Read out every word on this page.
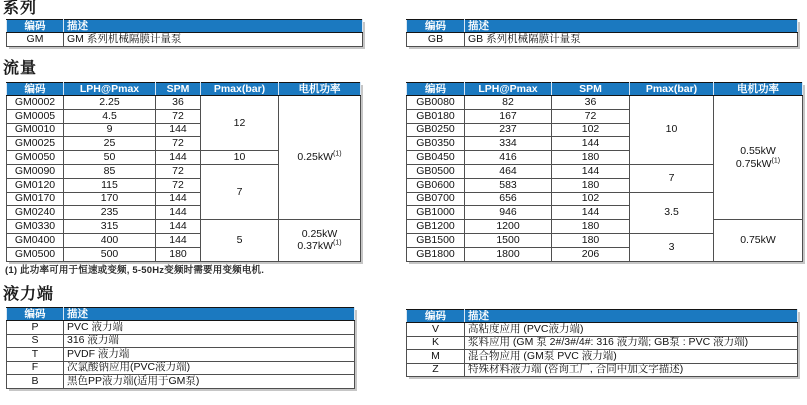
系列
编码	描述
GM	GM 系列机械隔膜计量泵
编码	描述
GB	GB 系列机械隔膜计量泵
流量
编码	LPH@Pmax	SPM	Pmax(bar)	电机功率
GM0002	2.25	36	12	$0.25kW^{(1)}$
GM0005	4.5	72		
GM0010	9	144		
GM0025	25	72		
GM0050	50	144	10	
GM0090	85	72	7	
GM0120	115	72		
GM0170	170	144		
GM0240	235	144		
GM0330	315	144	5	0.25kW
$0.37kW^{(1)}$
GM0400	400	144		
GM0500	500	180		
编码	LPH@Pmax	SPM	Pmax(bar)	电机功率
GB0080	82	36	10	0.55kW
$0.75kW^{(1)}$
GB0180	167	72		
GB0250	237	102		
GB0350	334	144		
GB0450	416	180		
GB0500	464	144	7	
GB0600	583	180		
GB0700	656	102	3.5	
GB1000	946	144		
GB1200	1200	180		0.75kW
GB1500	1500	180	3	
GB1800	1800	206		
(1) 此功率可用于恒速或变频, 5-50Hz变频时需要用变频电机.
液力端
编码	描述
P	PVC 液力端
S	316 液力端
T	PVDF 液力端
F	次氯酸钠应用(PVC液力端)
B	黑色PP液力端(适用于GM泵)
编码	描述
V	高粘度应用 (PVC液力端)
K	浆料应用 (GM 泵 2#/3#/4#: 316 液力端; GB泵 : PVC 液力端)
M	混合物应用 (GM泵 PVC 液力端)
Z	特殊材料液力端 (咨询工厂, 合同中加文字描述)
